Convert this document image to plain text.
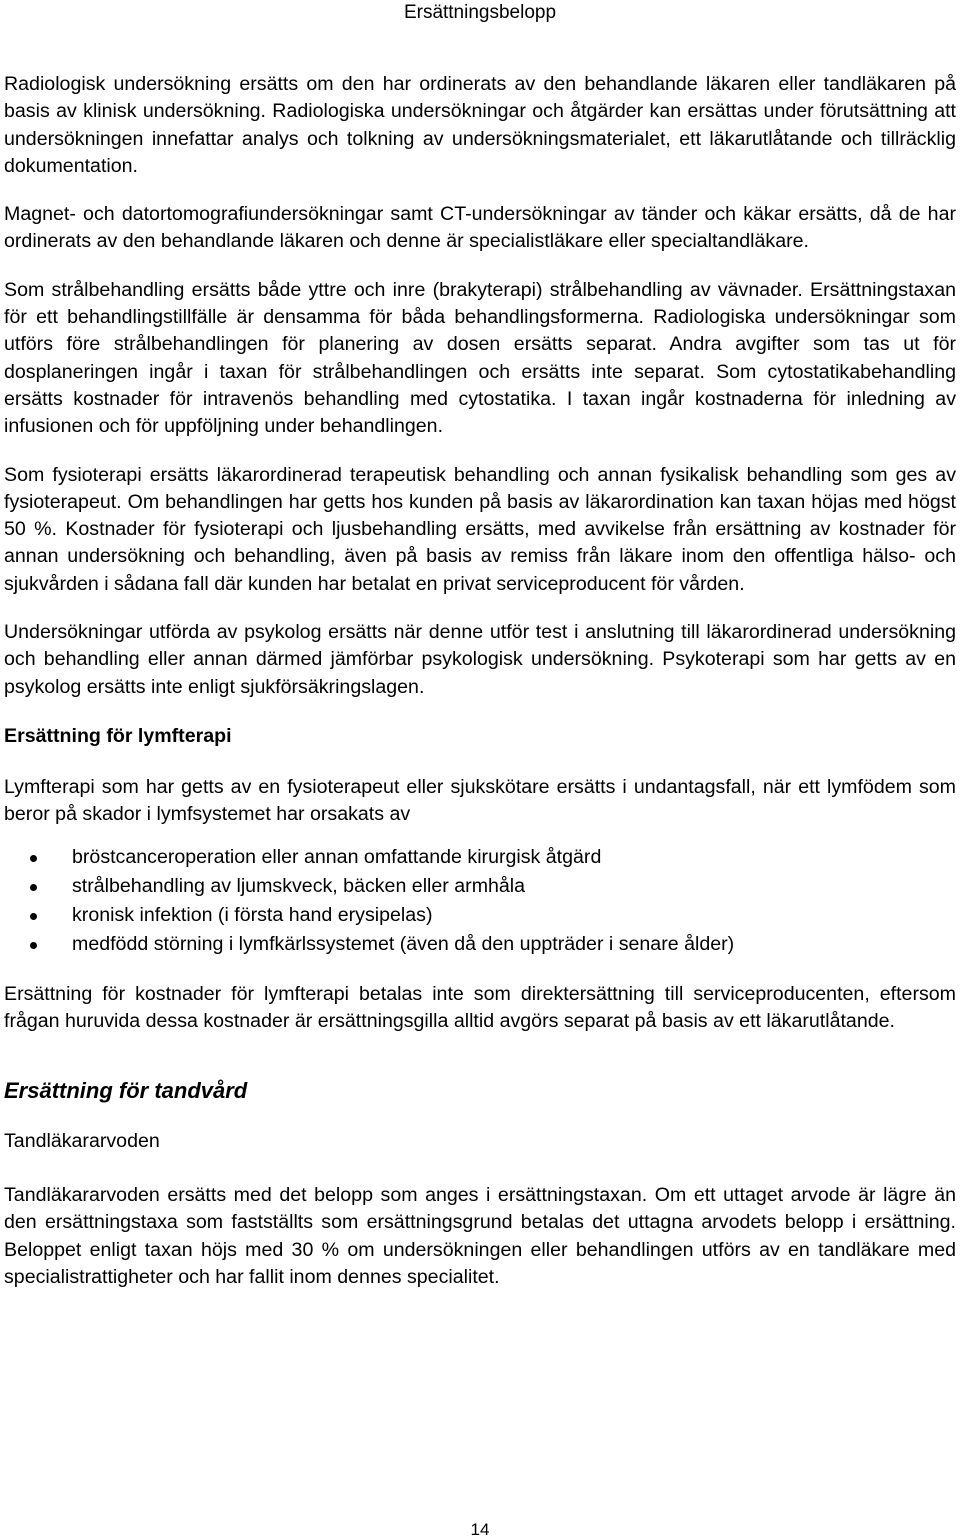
Ersättningsbelopp

Radiologisk undersökning ersätts om den har ordinerats av den behandlande läkaren eller tandläkaren på basis av klinisk undersökning. Radiologiska undersökningar och åtgärder kan ersättas under förutsättning att undersökningen innefattar analys och tolkning av undersökningsmaterialet, ett läkarutlåtande och tillräcklig dokumentation.

Magnet- och datortomografiundersökningar samt CT-undersökningar av tänder och käkar ersätts, då de har ordinerats av den behandlande läkaren och denne är specialistläkare eller specialtandläkare.

Som strålbehandling ersätts både yttre och inre (brakyterapi) strålbehandling av vävnader. Ersättningstaxan för ett behandlingstillfälle är densamma för båda behandlingsformerna. Radiologiska undersökningar som utförs före strålbehandlingen för planering av dosen ersätts separat. Andra avgifter som tas ut för dosplaneringen ingår i taxan för strålbehandlingen och ersätts inte separat. Som cytostatikabehandling ersätts kostnader för intravenös behandling med cytostatika. I taxan ingår kostnaderna för inledning av infusionen och för uppföljning under behandlingen.

Som fysioterapi ersätts läkarordinerad terapeutisk behandling och annan fysikalisk behandling som ges av fysioterapeut. Om behandlingen har getts hos kunden på basis av läkarordination kan taxan höjas med högst 50 %. Kostnader för fysioterapi och ljusbehandling ersätts, med avvikelse från ersättning av kostnader för annan undersökning och behandling, även på basis av remiss från läkare inom den offentliga hälso- och sjukvården i sådana fall där kunden har betalat en privat serviceproducent för vården.

Undersökningar utförda av psykolog ersätts när denne utför test i anslutning till läkarordinerad undersökning och behandling eller annan därmed jämförbar psykologisk undersökning. Psykoterapi som har getts av en psykolog ersätts inte enligt sjukförsäkringslagen.

Ersättning för lymfterapi

Lymfterapi som har getts av en fysioterapeut eller sjukskötare ersätts i undantagsfall, när ett lymfödem som beror på skador i lymfsystemet har orsakats av

bröstcanceroperation eller annan omfattande kirurgisk åtgärd
strålbehandling av ljumskveck, bäcken eller armhåla
kronisk infektion (i första hand erysipelas)
medfödd störning i lymfkärlssystemet (även då den uppträder i senare ålder)

Ersättning för kostnader för lymfterapi betalas inte som direktersättning till serviceproducenten, eftersom frågan huruvida dessa kostnader är ersättningsgilla alltid avgörs separat på basis av ett läkarutlåtande.

Ersättning för tandvård
Tandläkararvoden

Tandläkararvoden ersätts med det belopp som anges i ersättningstaxan. Om ett uttaget arvode är lägre än den ersättningstaxa som fastställts som ersättningsgrund betalas det uttagna arvodets belopp i ersättning. Beloppet enligt taxan höjs med 30 % om undersökningen eller behandlingen utförs av en tandläkare med specialistrattigheter och har fallit inom dennes specialitet.

14
